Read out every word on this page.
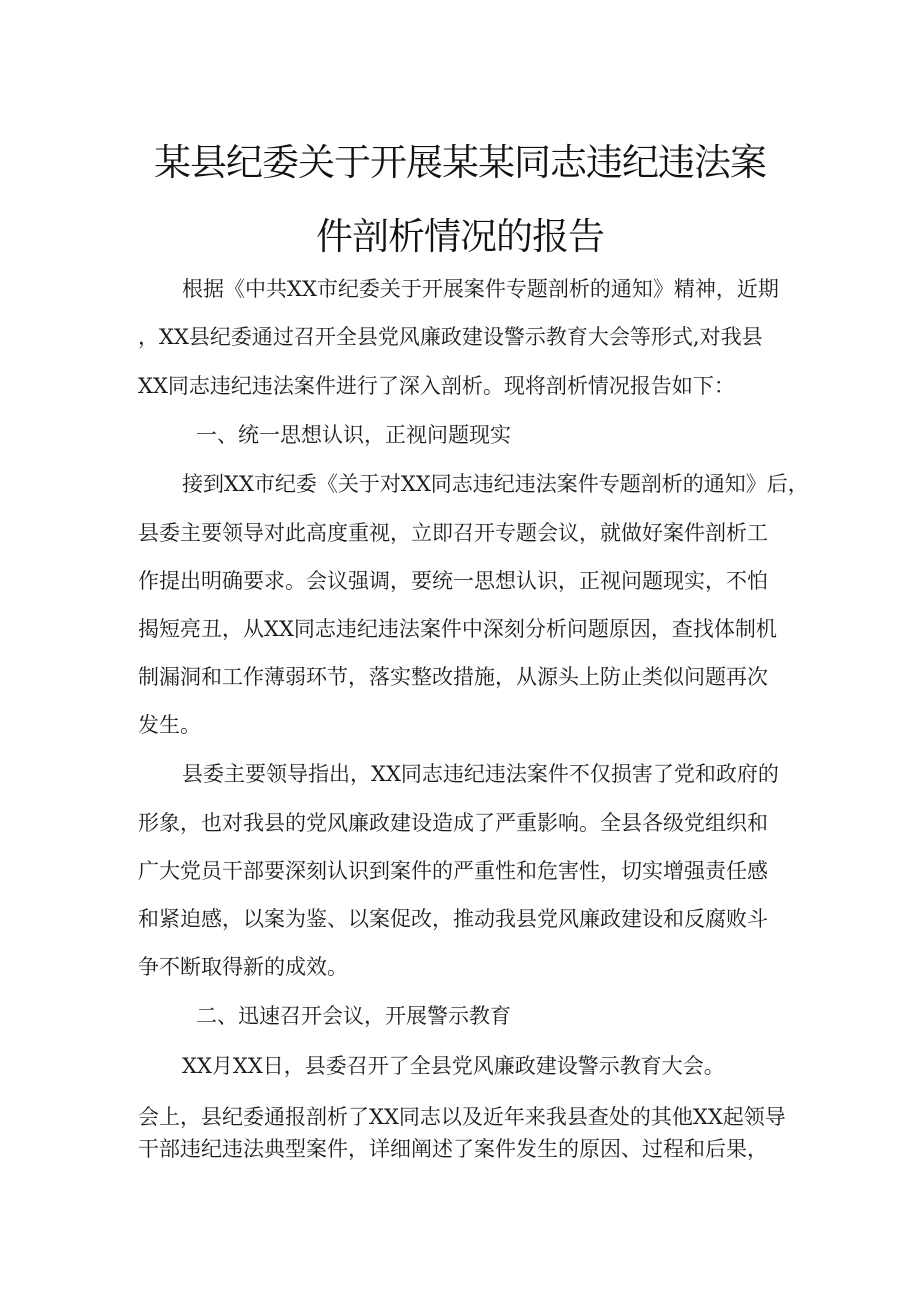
某县纪委关于开展某某同志违纪违法案
件剖析情况的报告

根据《中共XX市纪委关于开展案件专题剖析的通知》精神，近期

，XX县纪委通过召开全县党风廉政建设警示教育大会等形式,对我县

XX同志违纪违法案件进行了深入剖析。现将剖析情况报告如下：

一、统一思想认识，正视问题现实

接到XX市纪委《关于对XX同志违纪违法案件专题剖析的通知》后，

县委主要领导对此高度重视，立即召开专题会议，就做好案件剖析工

作提出明确要求。会议强调，要统一思想认识，正视问题现实，不怕

揭短亮丑，从XX同志违纪违法案件中深刻分析问题原因，查找体制机

制漏洞和工作薄弱环节，落实整改措施，从源头上防止类似问题再次

发生。

县委主要领导指出，XX同志违纪违法案件不仅损害了党和政府的

形象，也对我县的党风廉政建设造成了严重影响。全县各级党组织和

广大党员干部要深刻认识到案件的严重性和危害性，切实增强责任感

和紧迫感，以案为鉴、以案促改，推动我县党风廉政建设和反腐败斗

争不断取得新的成效。

二、迅速召开会议，开展警示教育

XX月XX日，县委召开了全县党风廉政建设警示教育大会。

会上，县纪委通报剖析了XX同志以及近年来我县查处的其他XX起领导

干部违纪违法典型案件，详细阐述了案件发生的原因、过程和后果，
